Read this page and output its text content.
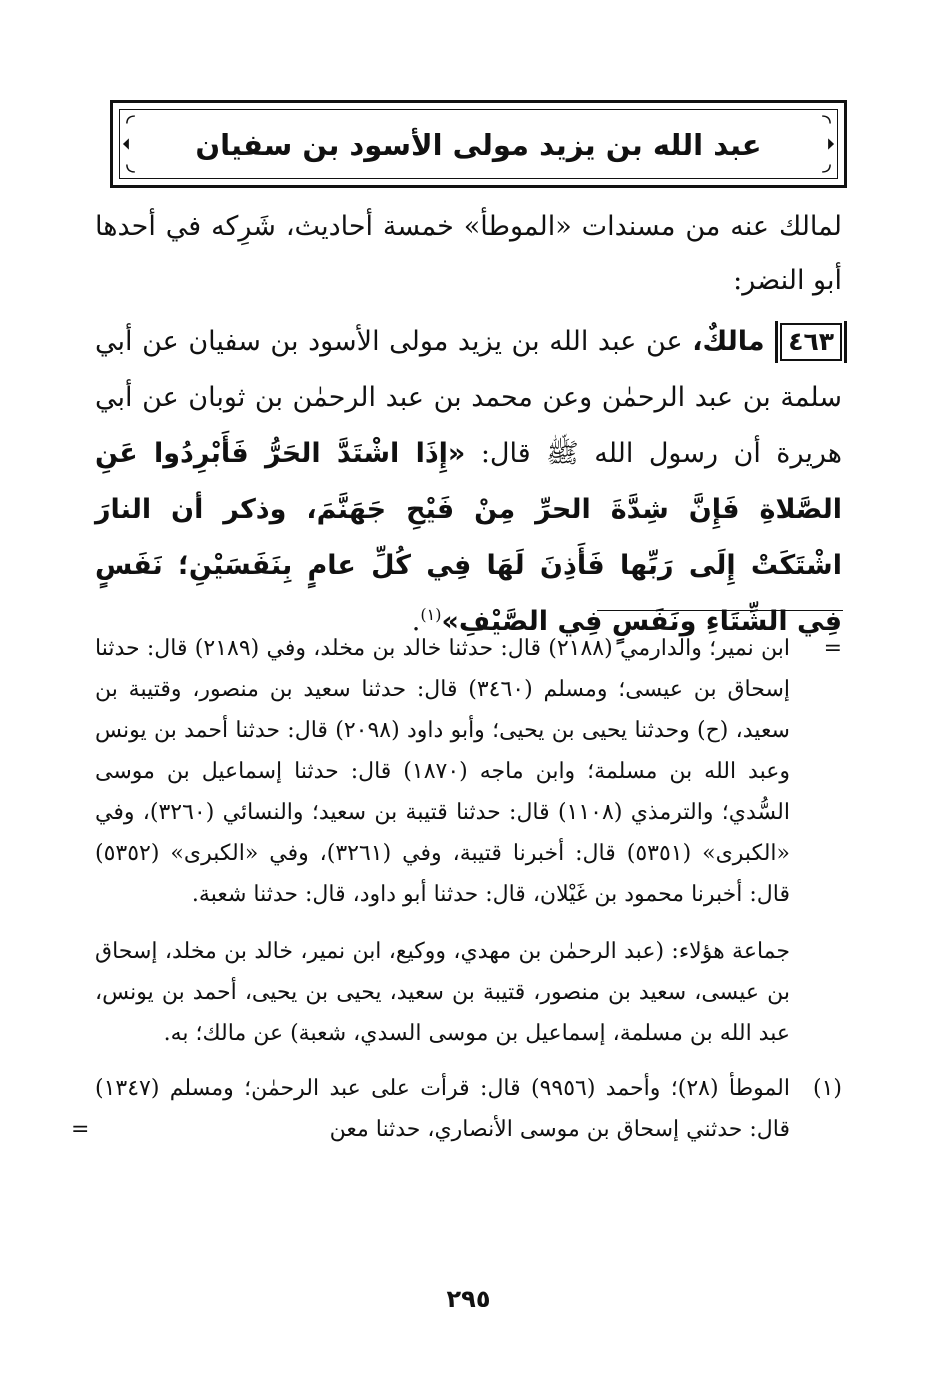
عبد الله بن يزيد مولى الأسود بن سفيان

لمالك عنه من مسندات «الموطأ» خمسة أحاديث، شَرِكه في أحدها أبو النضر:

٤٦٣ مالكٌ، عن عبد الله بن يزيد مولى الأسود بن سفيان عن أبي سلمة بن عبد الرحمٰن وعن محمد بن عبد الرحمٰن بن ثوبان عن أبي هريرة أن رسول الله ﷺ قال: «إِذَا اشْتَدَّ الحَرُّ فَأَبْرِدُوا عَنِ الصَّلاةِ فَإِنَّ شِدَّةَ الحرِّ مِنْ فَيْحِ جَهَنَّمَ، وذكر أن النارَ اشْتَكَتْ إِلَى رَبِّها فَأَذِنَ لَهَا فِي كُلِّ عامٍ بِنَفَسَيْنِ؛ نَفَسٍ فِي الشِّتَاءِ ونَفَسٍ فِي الصَّيْفِ»$^{(١)}$.

=
ابن نمير؛ والدارمي (٢١٨٨) قال: حدثنا خالد بن مخلد، وفي (٢١٨٩) قال: حدثنا إسحاق بن عيسى؛ ومسلم (٣٤٦٠) قال: حدثنا سعيد بن منصور، وقتيبة بن سعيد، (ح) وحدثنا يحيى بن يحيى؛ وأبو داود (٢٠٩٨) قال: حدثنا أحمد بن يونس وعبد الله بن مسلمة؛ وابن ماجه (١٨٧٠) قال: حدثنا إسماعيل بن موسى السُّدي؛ والترمذي (١١٠٨) قال: حدثنا قتيبة بن سعيد؛ والنسائي (٣٢٦٠)، وفي «الكبرى» (٥٣٥١) قال: أخبرنا قتيبة، وفي (٣٢٦١)، وفي «الكبرى» (٥٣٥٢) قال: أخبرنا محمود بن غَيْلان، قال: حدثنا أبو داود، قال: حدثنا شعبة.
جماعة هؤلاء: (عبد الرحمٰن بن مهدي، ووكيع، ابن نمير، خالد بن مخلد، إسحاق بن عيسى، سعيد بن منصور، قتيبة بن سعيد، يحيى بن يحيى، أحمد بن يونس، عبد الله بن مسلمة، إسماعيل بن موسى السدي، شعبة) عن مالك؛ به.
(١)
الموطأ (٢٨)؛ وأحمد (٩٩٥٦) قال: قرأت على عبد الرحمٰن؛ ومسلم (١٣٤٧) قال: حدثني إسحاق بن موسى الأنصاري، حدثنا معن
=
٢٩٥
